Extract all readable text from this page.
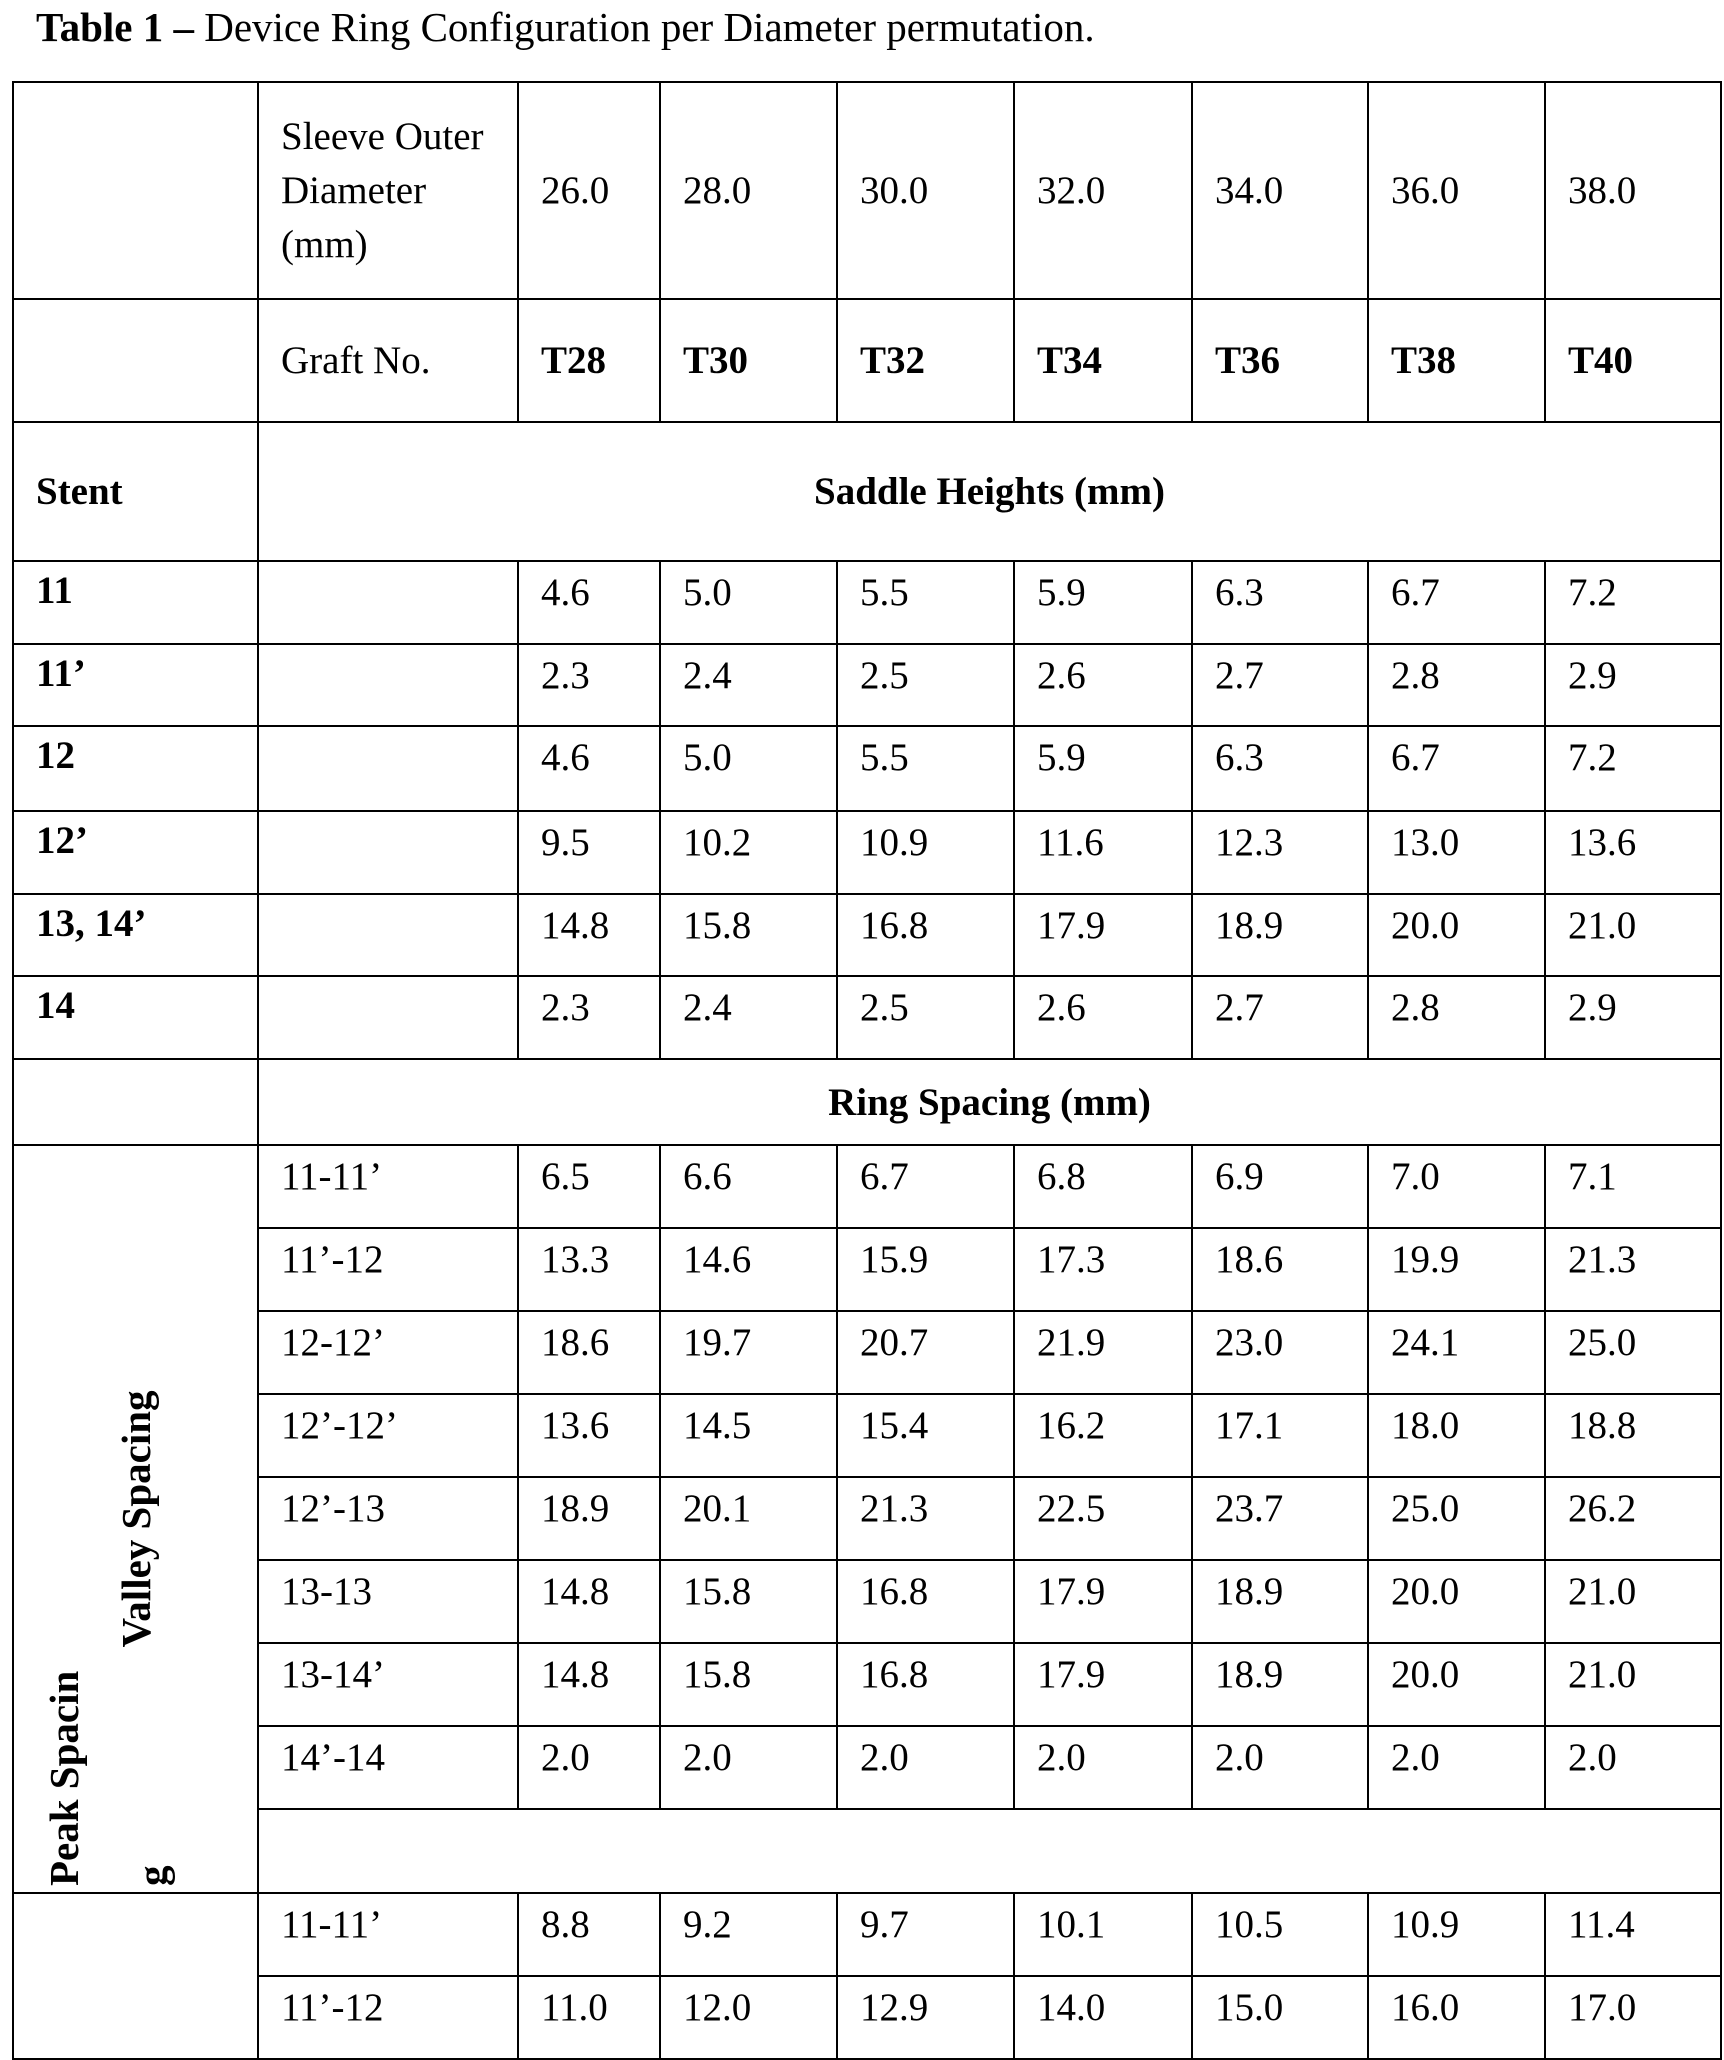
Table 1 – Device Ring Configuration per Diameter permutation.
	Sleeve Outer Diameter (mm)	26.0	28.0	30.0	32.0	34.0	36.0	38.0
	Graft No.	T28	T30	T32	T34	T36	T38	T40
Stent	Saddle Heights (mm)
11		4.6	5.0	5.5	5.9	6.3	6.7	7.2
11’		2.3	2.4	2.5	2.6	2.7	2.8	2.9
12		4.6	5.0	5.5	5.9	6.3	6.7	7.2
12’		9.5	10.2	10.9	11.6	12.3	13.0	13.6
13, 14’		14.8	15.8	16.8	17.9	18.9	20.0	21.0
14		2.3	2.4	2.5	2.6	2.7	2.8	2.9
	Ring Spacing (mm)

Valley Spacing
	11-11’	6.5	6.6	6.7	6.8	6.9	7.0	7.1
11’-12	13.3	14.6	15.9	17.3	18.6	19.9	21.3
12-12’	18.6	19.7	20.7	21.9	23.0	24.1	25.0
12’-12’	13.6	14.5	15.4	16.2	17.1	18.0	18.8
12’-13	18.9	20.1	21.3	22.5	23.7	25.0	26.2
13-13	14.8	15.8	16.8	17.9	18.9	20.0	21.0
13-14’	14.8	15.8	16.8	17.9	18.9	20.0	21.0
14’-14	2.0	2.0	2.0	2.0	2.0	2.0	2.0

Peak Spacing
	11-11’	8.8	9.2	9.7	10.1	10.5	10.9	11.4
11’-12	11.0	12.0	12.9	14.0	15.0	16.0	17.0
